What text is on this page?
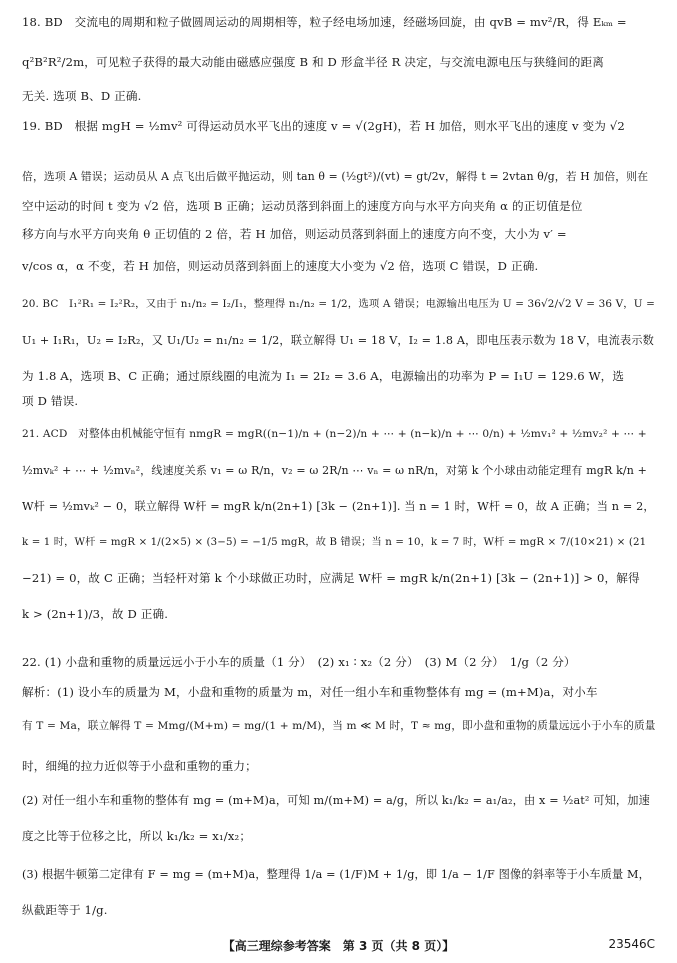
18. BD　交流电的周期和粒子做圆周运动的周期相等，粒子经电场加速，经磁场回旋，由 qvB = mv²/R，得 Eₖₘ =
q²B²R²/2m，可见粒子获得的最大动能由磁感应强度 B 和 D 形盒半径 R 决定，与交流电源电压与狭缝间的距离
无关. 选项 B、D 正确.
19. BD　根据 mgH = ½mv² 可得运动员水平飞出的速度 v = √(2gH)，若 H 加倍，则水平飞出的速度 v 变为 √2
倍，选项 A 错误；运动员从 A 点飞出后做平抛运动，则 tan θ = (½gt²)/(vt) = gt/2v，解得 t = 2vtan θ/g，若 H 加倍，则在
空中运动的时间 t 变为 √2 倍，选项 B 正确；运动员落到斜面上的速度方向与水平方向夹角 α 的正切值是位
移方向与水平方向夹角 θ 正切值的 2 倍，若 H 加倍，则运动员落到斜面上的速度方向不变，大小为 v′ =
v/cos α，α 不变，若 H 加倍，则运动员落到斜面上的速度大小变为 √2 倍，选项 C 错误，D 正确.
20. BC　I₁²R₁ = I₂²R₂，又由于 n₁/n₂ = I₂/I₁，整理得 n₁/n₂ = 1/2，选项 A 错误；电源输出电压为 U = 36√2/√2 V = 36 V，U =
U₁ + I₁R₁，U₂ = I₂R₂，又 U₁/U₂ = n₁/n₂ = 1/2，联立解得 U₁ = 18 V，I₂ = 1.8 A，即电压表示数为 18 V，电流表示数
为 1.8 A，选项 B、C 正确；通过原线圈的电流为 I₁ = 2I₂ = 3.6 A，电源输出的功率为 P = I₁U = 129.6 W，选
项 D 错误.
21. ACD　对整体由机械能守恒有 nmgR = mgR((n−1)/n + (n−2)/n + ⋯ + (n−k)/n + ⋯ 0/n) + ½mv₁² + ½mv₂² + ⋯ +
½mvₖ² + ⋯ + ½mvₙ²，线速度关系 v₁ = ω R/n，v₂ = ω 2R/n ⋯ vₙ = ω nR/n，对第 k 个小球由动能定理有 mgR k/n +
W杆 = ½mvₖ² − 0，联立解得 W杆 = mgR k/n(2n+1) [3k − (2n+1)]. 当 n = 1 时，W杆 = 0，故 A 正确；当 n = 2，
k = 1 时，W杆 = mgR × 1/(2×5) × (3−5) = −1/5 mgR，故 B 错误；当 n = 10，k = 7 时，W杆 = mgR × 7/(10×21) × (21
−21) = 0，故 C 正确；当轻杆对第 k 个小球做正功时，应满足 W杆 = mgR k/n(2n+1) [3k − (2n+1)] > 0，解得
k > (2n+1)/3，故 D 正确.
22. (1) 小盘和重物的质量远远小于小车的质量（1 分）　(2) x₁ ∶ x₂（2 分）　(3) M（2 分）　1/g（2 分）
解析：(1) 设小车的质量为 M，小盘和重物的质量为 m，对任一组小车和重物整体有 mg = (m+M)a，对小车
有 T = Ma，联立解得 T = Mmg/(M+m) = mg/(1 + m/M)，当 m ≪ M 时，T ≈ mg，即小盘和重物的质量远远小于小车的质量
时，细绳的拉力近似等于小盘和重物的重力；
(2) 对任一组小车和重物的整体有 mg = (m+M)a，可知 m/(m+M) = a/g，所以 k₁/k₂ = a₁/a₂，由 x = ½at² 可知，加速
度之比等于位移之比，所以 k₁/k₂ = x₁/x₂；
(3) 根据牛顿第二定律有 F = mg = (m+M)a，整理得 1/a = (1/F)M + 1/g，即 1/a − 1/F 图像的斜率等于小车质量 M，
纵截距等于 1/g.
【高三理综参考答案　第 3 页（共 8 页）】	23546C
